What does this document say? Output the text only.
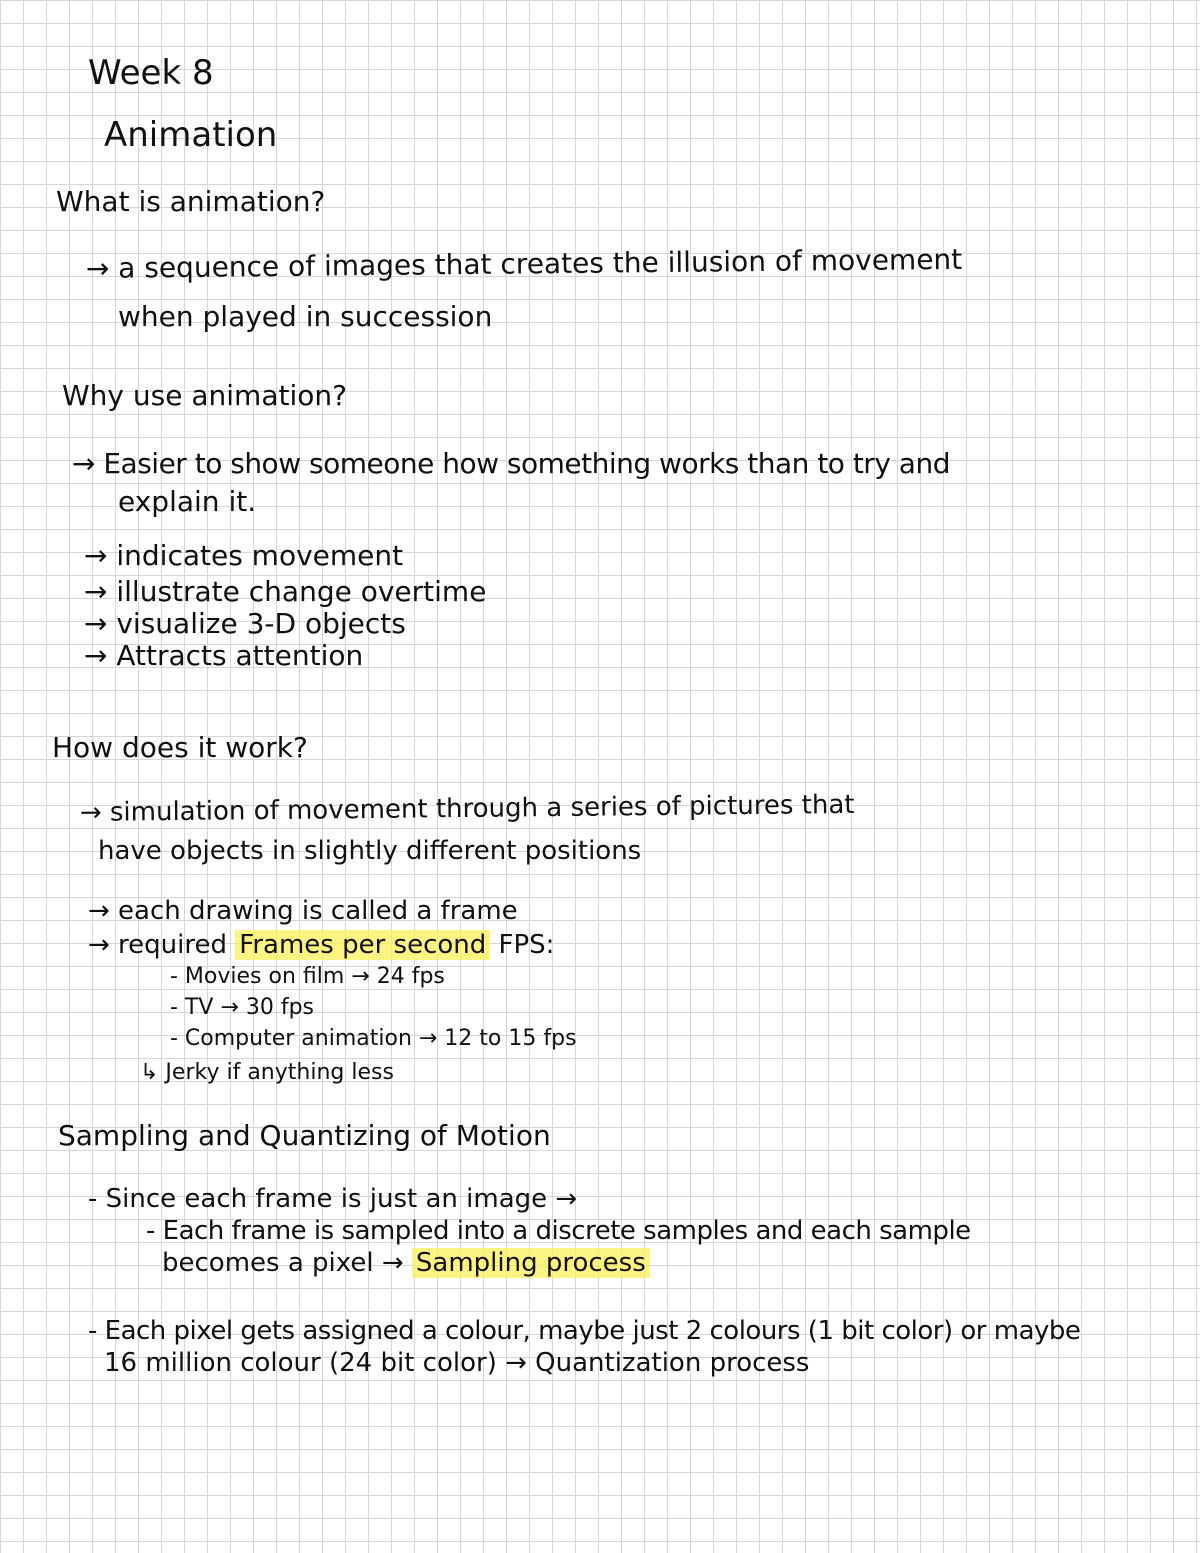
Week 8
Animation
What is animation?
→ a sequence of images that creates the illusion of movement
when played in succession
Why use animation?
→ Easier to show someone how something works than to try and
explain it.
→ indicates movement
→ illustrate change overtime
→ visualize 3-D objects
→ Attracts attention
How does it work?
→ simulation of movement through a series of pictures that
have objects in slightly different positions
→ each drawing is called a frame
→ required Frames per second FPS:
- Movies on film → 24 fps
- TV → 30 fps
- Computer animation → 12 to 15 fps
↳ Jerky if anything less
Sampling and Quantizing of Motion
- Since each frame is just an image →
- Each frame is sampled into a discrete samples and each sample
becomes a pixel → Sampling process
- Each pixel gets assigned a colour, maybe just 2 colours (1 bit color) or maybe
16 million colour (24 bit color) → Quantization process
